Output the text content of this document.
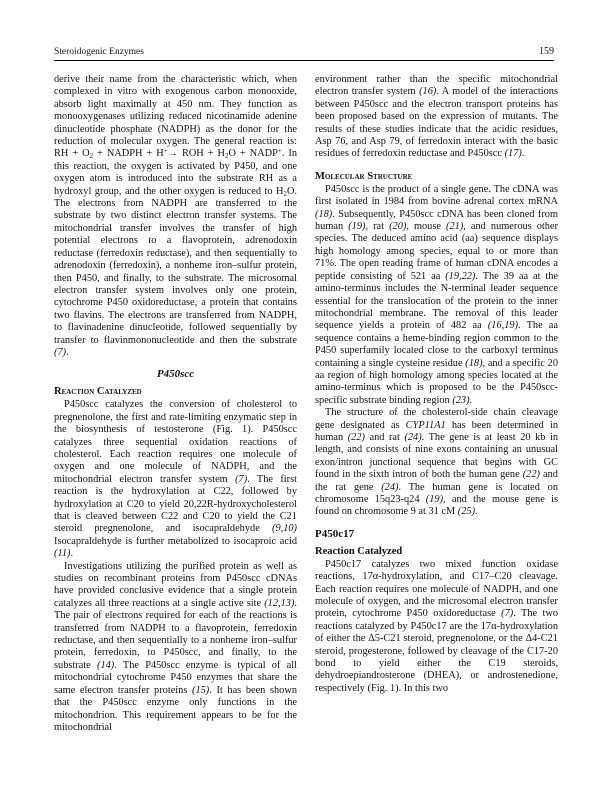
Steroidogenic Enzymes	159

derive their name from the characteristic which, when complexed in vitro with exogenous carbon monooxide, absorb light maximally at 450 nm. They function as monooxygenases utilizing reduced nicotinamide adenine dinucleotide phosphate (NADPH) as the donor for the reduction of molecular oxygen. The general reaction is: RH + $O_2$ + NADPH + H+→ ROH + $H_2O$ + NADP+. In this reaction, the oxygen is activated by P450, and one oxygen atom is introduced into the substrate RH as a hydroxyl group, and the other oxygen is reduced to $H_2O$. The electrons from NADPH are transferred to the substrate by two distinct electron transfer systems. The mitochondrial transfer involves the transfer of high potential electrons to a flavoprotein, adrenodoxin reductase (ferredoxin reductase), and then sequentially to adrenodoxin (ferredoxin), a nonheme iron–sulfur protein, then P450, and finally, to the substrate. The microsomal electron transfer system involves only one protein, cytochrome P450 oxidoreductase, a protein that contains two flavins. The electrons are transferred from NADPH, to flavinadenine dinucleotide, followed sequentially by transfer to flavinmononucleotide and then the substrate (7).

P450scc
Reaction Catalyzed

P450scc catalyzes the conversion of cholesterol to pregnenolone, the first and rate-limiting enzymatic step in the biosynthesis of testosterone (Fig. 1). P450scc catalyzes three sequential oxidation reactions of cholesterol. Each reaction requires one molecule of oxygen and one molecule of NADPH, and the mitochondrial electron transfer system (7). The first reaction is the hydroxylation at C22, followed by hydroxylation at C20 to yield 20,22R-hydroxycholesterol that is cleaved between C22 and C20 to yield the C21 steroid pregnenolone, and isocapraldehyde (9,10) Isocapraldehyde is further metabolized to isocaproic acid (11).

Investigations utilizing the purified protein as well as studies on recombinant proteins from P450scc cDNAs have provided conclusive evidence that a single protein catalyzes all three reactions at a single active site (12,13). The pair of electrons required for each of the reactions is transferred from NADPH to a flavoprotein, ferredoxin reductase, and then sequentially to a nonheme iron–sulfur protein, ferredoxin, to P450scc, and finally, to the substrate (14). The P450scc enzyme is typical of all mitochondrial cytochrome P450 enzymes that share the same electron transfer proteins (15). It has been shown that the P450scc enzyme only functions in the mitochondrion. This requirement appears to be for the mitochondrial

environment rather than the specific mitochondrial electron transfer system (16). A model of the interactions between P450scc and the electron transport proteins has been proposed based on the expression of mutants. The results of these studies indicate that the acidic residues, Asp 76, and Asp 79, of ferredoxin interact with the basic residues of ferredoxin reductase and P450scc (17).

Molecular Structure

P450scc is the product of a single gene. The cDNA was first isolated in 1984 from bovine adrenal cortex mRNA (18). Subsequently, P450scc cDNA has been cloned from human (19), rat (20), mouse (21), and numerous other species. The deduced amino acid (aa) sequence displays high homology among species, equal to or more than 71%. The open reading frame of human cDNA encodes a peptide consisting of 521 aa (19,22). The 39 aa at the amino-terminus includes the N-terminal leader sequence essential for the translocation of the protein to the inner mitochondrial membrane. The removal of this leader sequence yields a protein of 482 aa (16,19). The aa sequence contains a heme-binding region common to the P450 superfamily located close to the carboxyl terminus containing a single cysteine residue (18), and a specific 20 aa region of high homology among species located at the amino-terminus which is proposed to be the P450scc-specific substrate binding region (23).

The structure of the cholesterol-side chain cleavage gene designated as CYP11A1 has been determined in human (22) and rat (24). The gene is at least 20 kb in length, and consists of nine exons containing an unusual exon/intron junctional sequence that begins with GC found in the sixth intron of both the human gene (22) and the rat gene (24). The human gene is located on chromosome 15q23-q24 (19), and the mouse gene is found on chromosome 9 at 31 cM (25).

P450c17
Reaction Catalyzed

P450c17 catalyzes two mixed function oxidase reactions, 17α-hydroxylation, and C17–C20 cleavage. Each reaction requires one molecule of NADPH, and one molecule of oxygen, and the microsomal electron transfer protein, cytochrome P450 oxidoreductase (7). The two reactions catalyzed by P450c17 are the 17α-hydroxylation of either the Δ5-C21 steroid, pregnenolone, or the Δ4-C21 steroid, progesterone, followed by cleavage of the C17-20 bond to yield either the C19 steroids, dehydroepiandrosterone (DHEA), or androstenedione, respectively (Fig. 1). In this two
